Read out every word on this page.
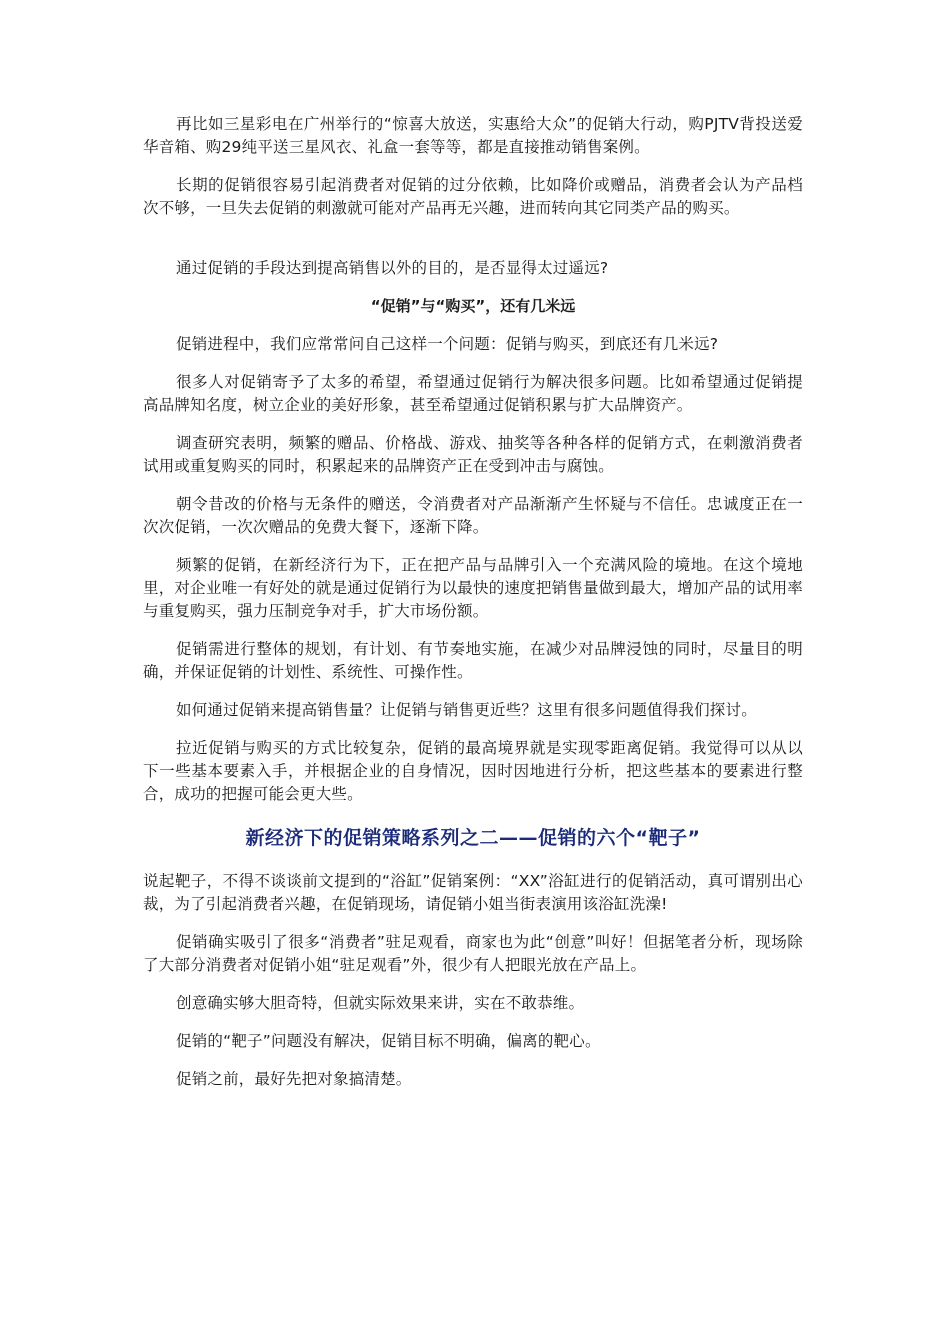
再比如三星彩电在广州举行的“惊喜大放送，实惠给大众”的促销大行动，购PJTV背投送爱华音箱、购29纯平送三星风衣、礼盒一套等等，都是直接推动销售案例。

长期的促销很容易引起消费者对促销的过分依赖，比如降价或赠品，消费者会认为产品档次不够，一旦失去促销的刺激就可能对产品再无兴趣，进而转向其它同类产品的购买。

通过促销的手段达到提高销售以外的目的，是否显得太过遥远?

“促销”与“购买”，还有几米远

促销进程中，我们应常常问自己这样一个问题：促销与购买，到底还有几米远?

很多人对促销寄予了太多的希望，希望通过促销行为解决很多问题。比如希望通过促销提高品牌知名度，树立企业的美好形象，甚至希望通过促销积累与扩大品牌资产。

调查研究表明，频繁的赠品、价格战、游戏、抽奖等各种各样的促销方式，在刺激消费者试用或重复购买的同时，积累起来的品牌资产正在受到冲击与腐蚀。

朝令昔改的价格与无条件的赠送，令消费者对产品渐渐产生怀疑与不信任。忠诚度正在一次次促销，一次次赠品的免费大餐下，逐渐下降。

频繁的促销，在新经济行为下，正在把产品与品牌引入一个充满风险的境地。在这个境地里，对企业唯一有好处的就是通过促销行为以最快的速度把销售量做到最大，增加产品的试用率与重复购买，强力压制竞争对手，扩大市场份额。

促销需进行整体的规划，有计划、有节奏地实施，在减少对品牌浸蚀的同时，尽量目的明确，并保证促销的计划性、系统性、可操作性。

如何通过促销来提高销售量？让促销与销售更近些？这里有很多问题值得我们探讨。

拉近促销与购买的方式比较复杂，促销的最高境界就是实现零距离促销。我觉得可以从以下一些基本要素入手，并根据企业的自身情况，因时因地进行分析，把这些基本的要素进行整合，成功的把握可能会更大些。

新经济下的促销策略系列之二——促销的六个“靶子”

说起靶子，不得不谈谈前文提到的“浴缸”促销案例：“XX”浴缸进行的促销活动，真可谓别出心裁，为了引起消费者兴趣，在促销现场，请促销小姐当街表演用该浴缸洗澡!

促销确实吸引了很多“消费者”驻足观看，商家也为此“创意”叫好！但据笔者分析，现场除了大部分消费者对促销小姐“驻足观看”外，很少有人把眼光放在产品上。

创意确实够大胆奇特，但就实际效果来讲，实在不敢恭维。

促销的“靶子”问题没有解决，促销目标不明确，偏离的靶心。

促销之前，最好先把对象搞清楚。
